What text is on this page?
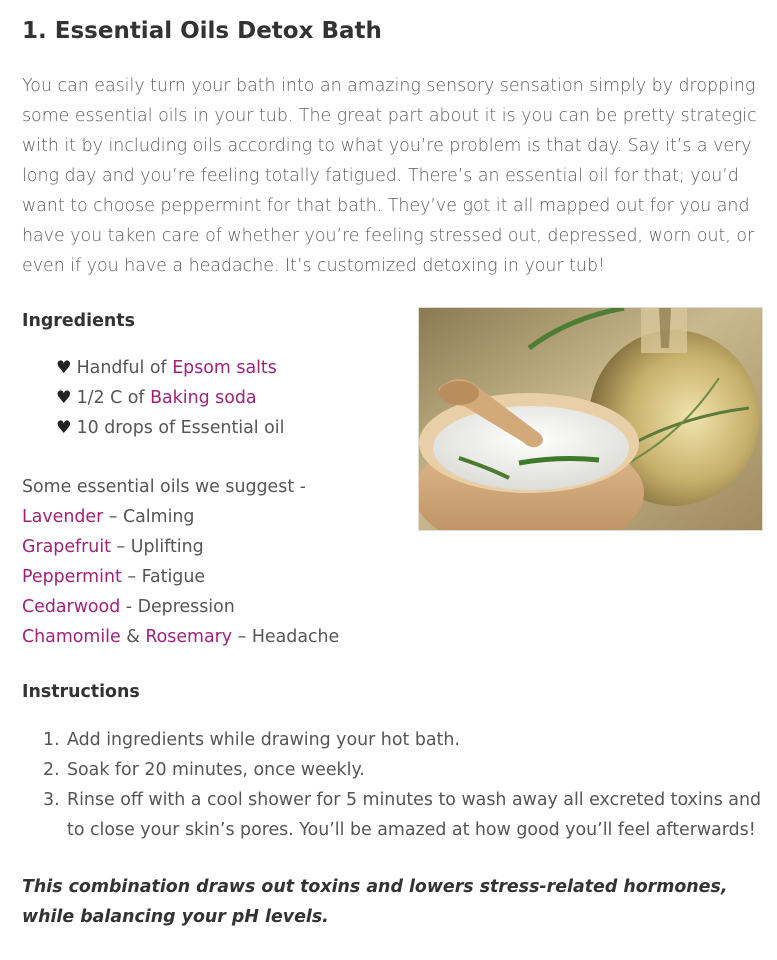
1. Essential Oils Detox Bath

You can easily turn your bath into an amazing sensory sensation simply by dropping some essential oils in your tub. The great part about it is you can be pretty strategic with it by including oils according to what you’re problem is that day. Say it’s a very long day and you’re feeling totally fatigued. There’s an essential oil for that; you’d want to choose peppermint for that bath. They’ve got it all mapped out for you and have you taken care of whether you’re feeling stressed out, depressed, worn out, or even if you have a headache. It’s customized detoxing in your tub!

Ingredients

♥ Handful of Epsom salts
♥ 1/2 C of Baking soda
♥ 10 drops of Essential oil
Some essential oils we suggest -
Lavender – Calming
Grapefruit – Uplifting
Peppermint – Fatigue
Cedarwood - Depression
Chamomile & Rosemary – Headache

Instructions

1. Add ingredients while drawing your hot bath.
2. Soak for 20 minutes, once weekly.
3. Rinse off with a cool shower for 5 minutes to wash away all excreted toxins and to close your skin’s pores. You’ll be amazed at how good you’ll feel afterwards!

This combination draws out toxins and lowers stress-related hormones, while balancing your pH levels.
